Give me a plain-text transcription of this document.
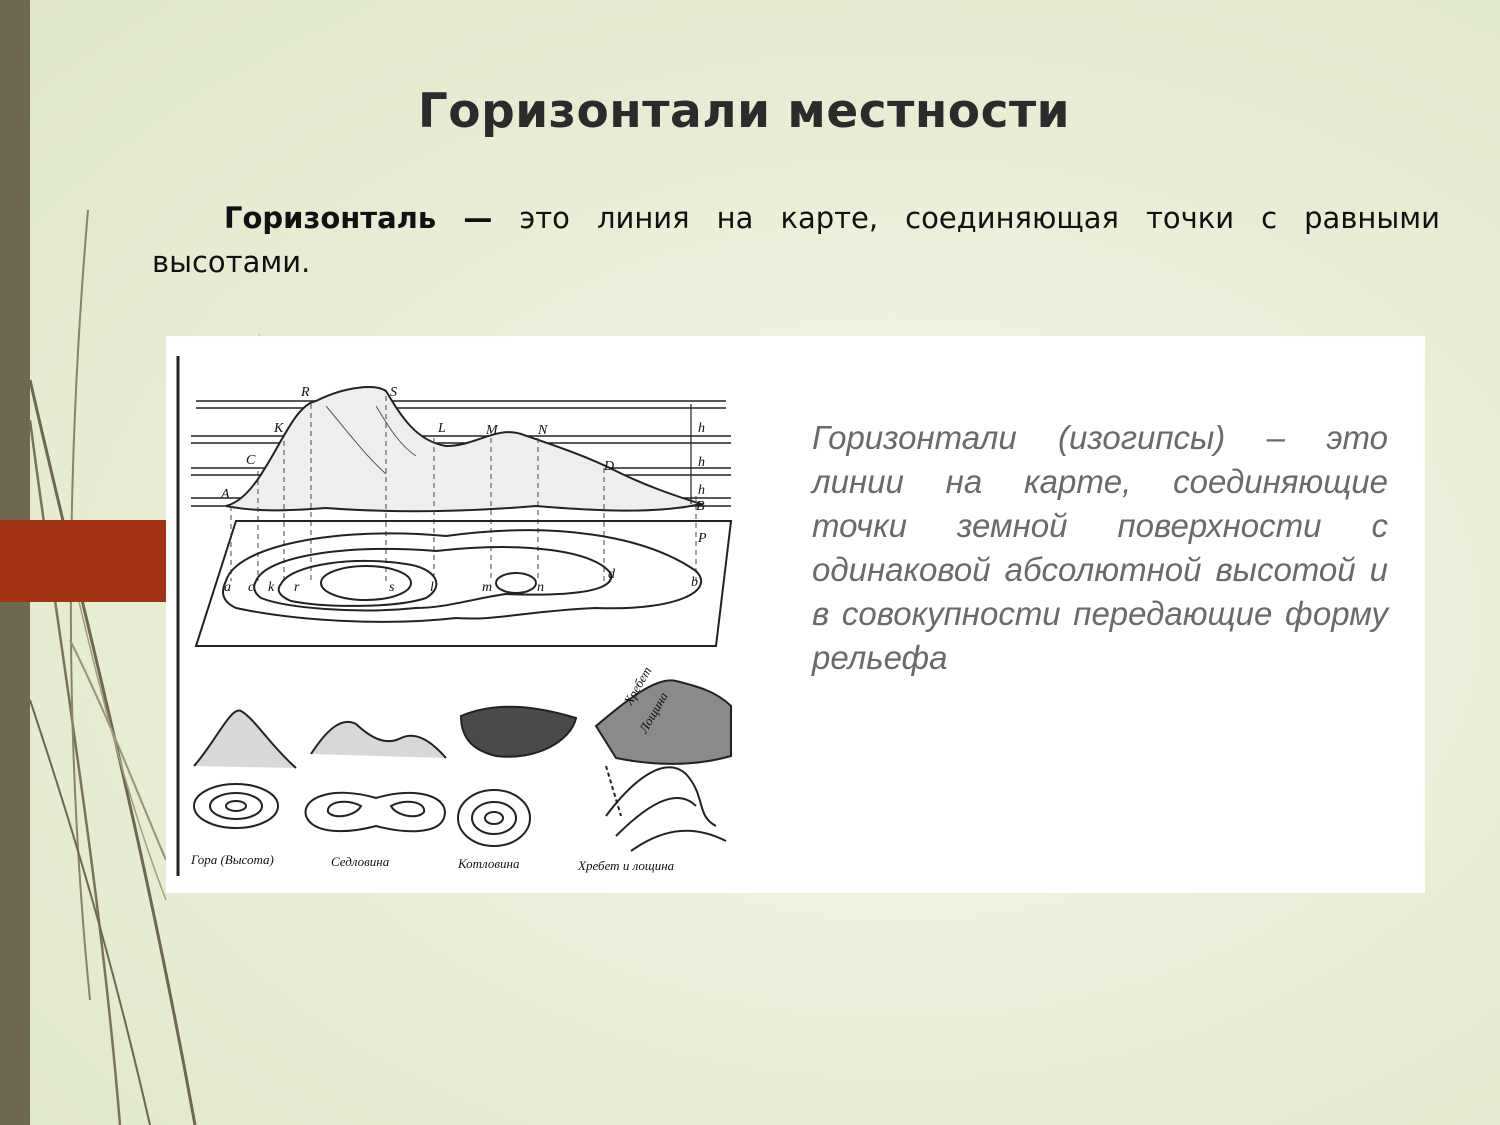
Горизонтали местности
Горизонталь — это линия на карте, соединяющая точки с равными высотами.
R	S
K	L	M	N
C	D
A
B
h
h
h
P
a c k r	s	l	m	n
d
b
Хребет
Лощина
Гора (Высота)	Седловина	Котловина	Хребет и лощина
Горизонтали (изогипсы) – это линии на карте, соединяющие точки земной поверхности с одинаковой абсолютной высотой и в совокупности передающие форму рельефа
